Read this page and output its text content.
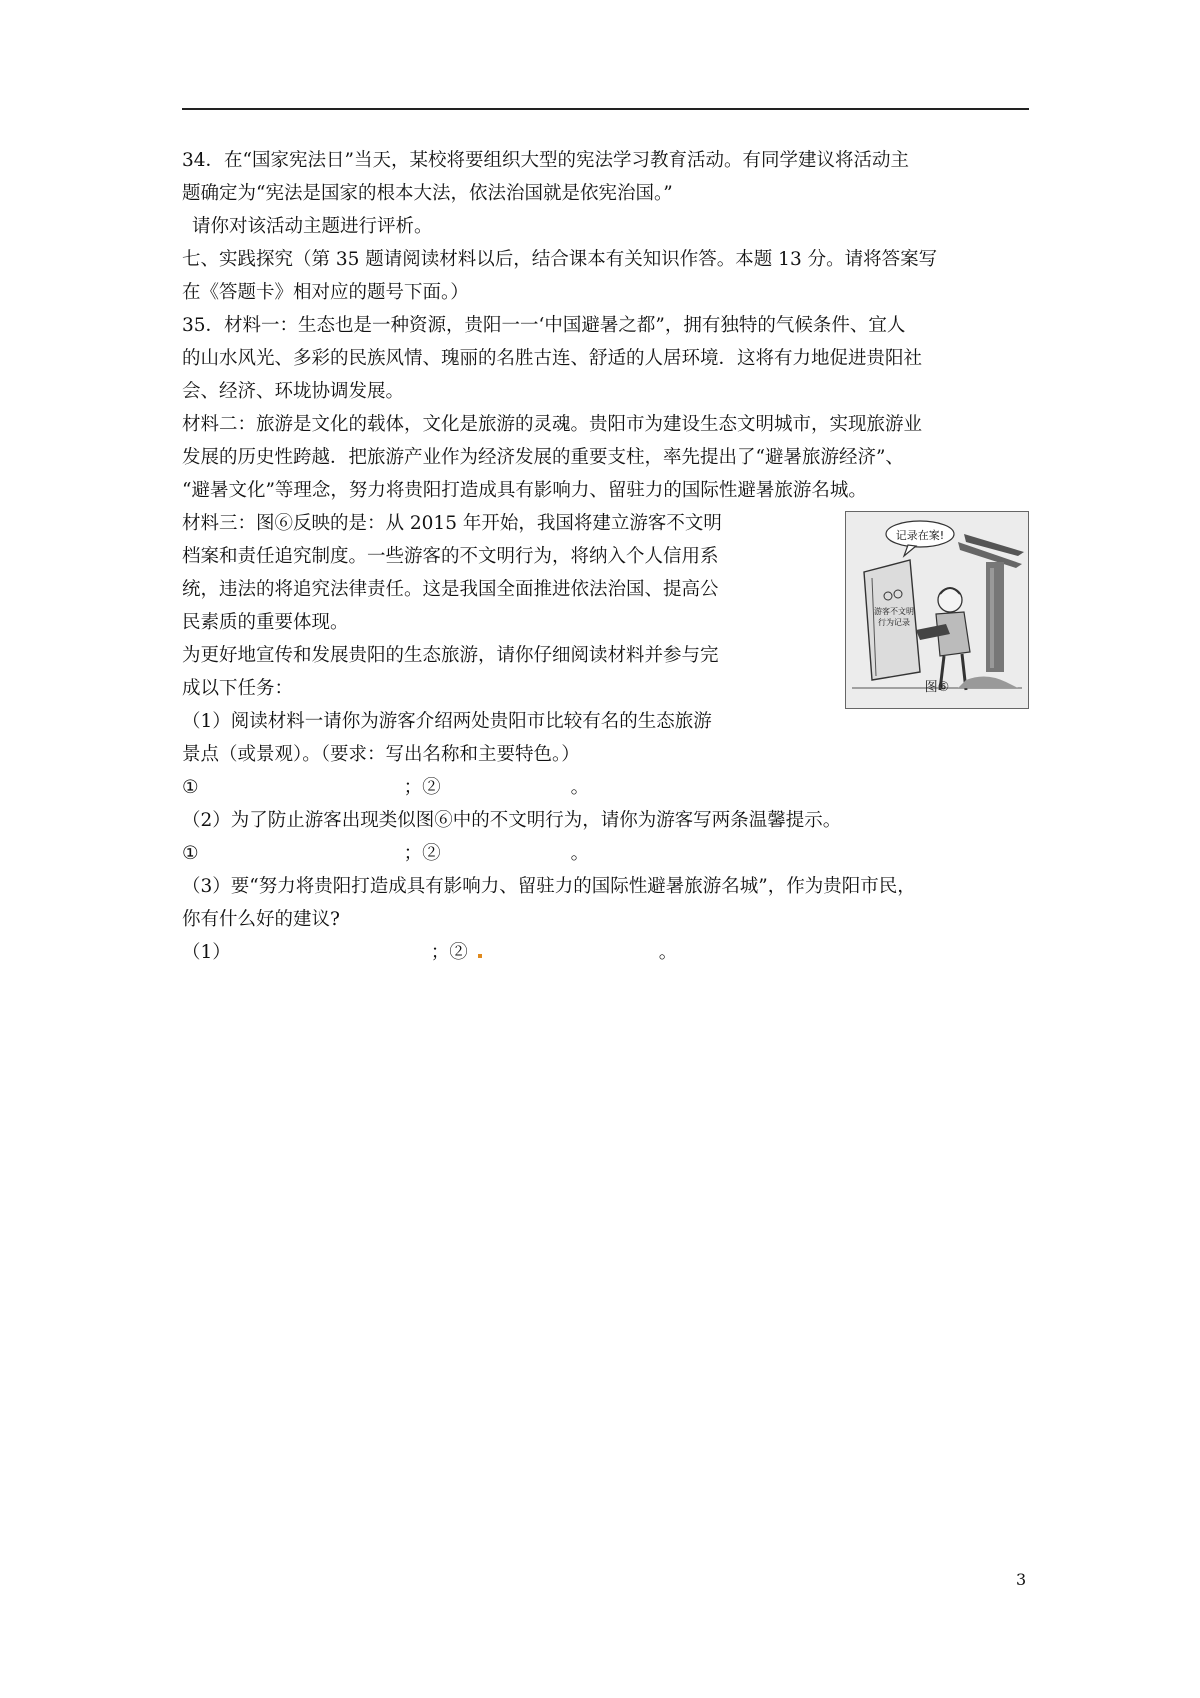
34．在“国家宪法日”当天，某校将要组织大型的宪法学习教育活动。有同学建议将活动主

题确定为“宪法是国家的根本大法，依法治国就是依宪治国。”

请你对该活动主题进行评析。

七、实践探究（第 35 题请阅读材料以后，结合课本有关知识作答。本题 13 分。请将答案写

在《答题卡》相对应的题号下面。）

35．材料一：生态也是一种资源，贵阳一一‘中国避暑之都”，拥有独特的气候条件、宜人

的山水风光、多彩的民族风情、瑰丽的名胜古连、舒适的人居环境．这将有力地促进贵阳社

会、经济、环垅协调发展。

材料二：旅游是文化的载体，文化是旅游的灵魂。贵阳市为建设生态文明城市，实现旅游业

发展的历史性跨越．把旅游产业作为经济发展的重要支柱，率先提出了“避暑旅游经济”、

“避暑文化”等理念，努力将贵阳打造成具有影响力、留驻力的国际性避暑旅游名城。

记录在案!
游客不文明
行为记录
图⑥

材料三：图⑥反映的是：从 2015 年开始，我国将建立游客不文明

档案和责任追究制度。一些游客的不文明行为，将纳入个人信用系

统，违法的将追究法律责任。这是我国全面推进依法治国、提高公

民素质的重要体现。

为更好地宣传和发展贵阳的生态旅游，请你仔细阅读材料并参与完

成以下任务：

（1）阅读材料一请你为游客介绍两处贵阳市比较有名的生态旅游

景点（或景观）。（要求：写出名称和主要特色。）

①	；②	。

（2）为了防止游客出现类似图⑥中的不文明行为，请你为游客写两条温馨提示。

①	；②	。

（3）要“努力将贵阳打造成具有影响力、留驻力的国际性避暑旅游名城”，作为贵阳市民，

你有什么好的建议?

（1）	；②	。

3
